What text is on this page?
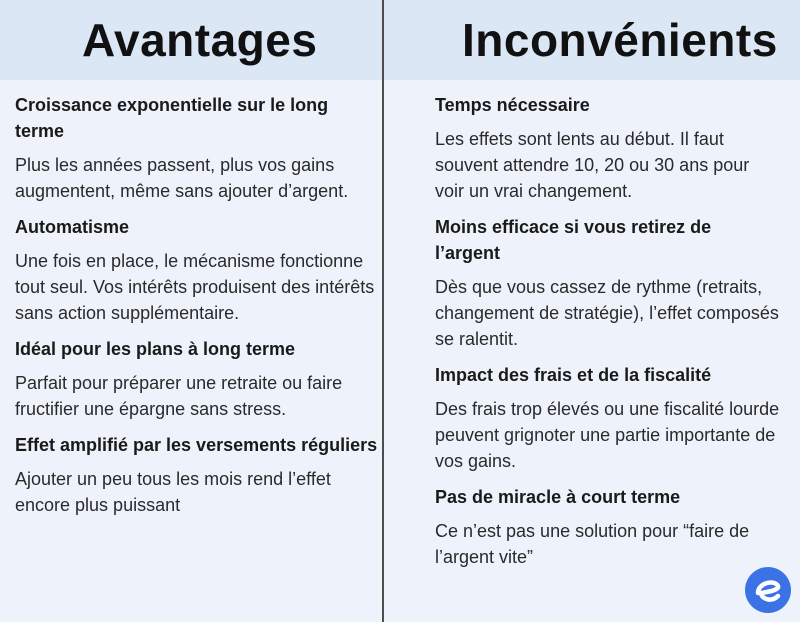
Avantages
Croissance exponentielle sur le long terme
Plus les années passent, plus vos gains augmentent, même sans ajouter d’argent.
Automatisme
Une fois en place, le mécanisme fonctionne tout seul. Vos intérêts produisent des intérêts sans action supplémentaire.
Idéal pour les plans à long terme
Parfait pour préparer une retraite ou faire fructifier une épargne sans stress.
Effet amplifié par les versements réguliers
Ajouter un peu tous les mois rend l’effet encore plus puissant
Inconvénients
Temps nécessaire
Les effets sont lents au début. Il faut souvent attendre 10, 20 ou 30 ans pour voir un vrai changement.
Moins efficace si vous retirez de l’argent
Dès que vous cassez de rythme (retraits, changement de stratégie), l’effet composés se ralentit.
Impact des frais et de la fiscalité
Des frais trop élevés ou une fiscalité lourde peuvent grignoter une partie importante de vos gains.
Pas de miracle à court terme
Ce n’est pas une solution pour “faire de l’argent vite”
